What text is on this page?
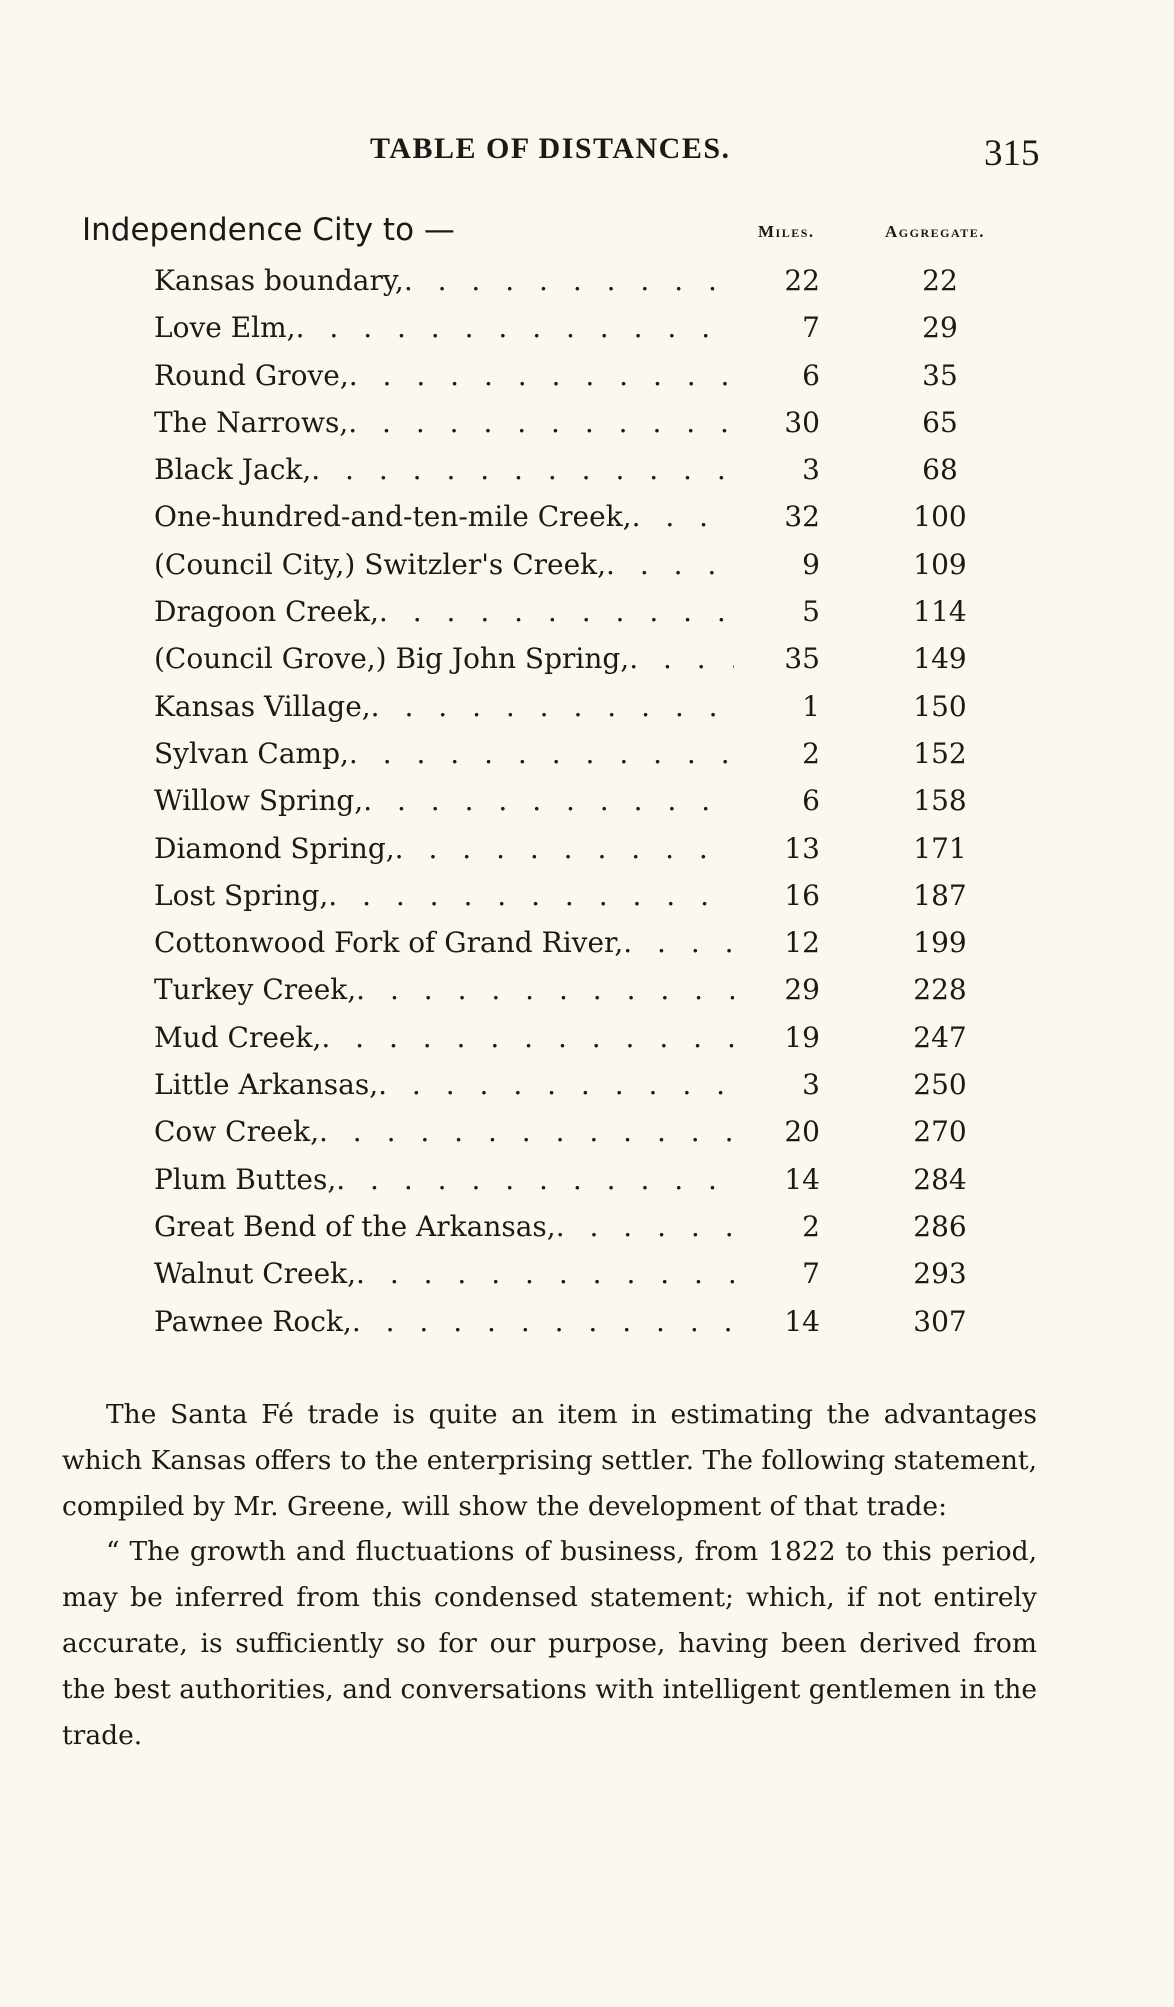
TABLE OF DISTANCES.	315
Independence City to —	Miles.	Aggregate.
Kansas boundary, . . .	22	22
Love Elm, . . .	7	29
Round Grove, . . .	6	35
The Narrows, . . .	30	65
Black Jack, . . .	3	68
One-hundred-and-ten-mile Creek, . . .	32	100
(Council City,) Switzler's Creek, . . .	9	109
Dragoon Creek, . . .	5	114
(Council Grove,) Big John Spring, . . .	35	149
Kansas Village, . . .	1	150
Sylvan Camp, . . .	2	152
Willow Spring, . . .	6	158
Diamond Spring, . . .	13	171
Lost Spring, . . .	16	187
Cottonwood Fork of Grand River, . . .	12	199
Turkey Creek, . . .	29	228
Mud Creek, . . .	19	247
Little Arkansas, . . .	3	250
Cow Creek, . . .	20	270
Plum Buttes, . . .	14	284
Great Bend of the Arkansas, . . .	2	286
Walnut Creek, . . .	7	293
Pawnee Rock, . . .	14	307

The Santa Fé trade is quite an item in estimating the advantages which Kansas offers to the enterprising settler. The following statement, compiled by Mr. Greene, will show the development of that trade:

“ The growth and fluctuations of business, from 1822 to this period, may be inferred from this condensed statement; which, if not entirely accurate, is sufficiently so for our purpose, having been derived from the best authorities, and conversations with intelligent gentlemen in the trade.
